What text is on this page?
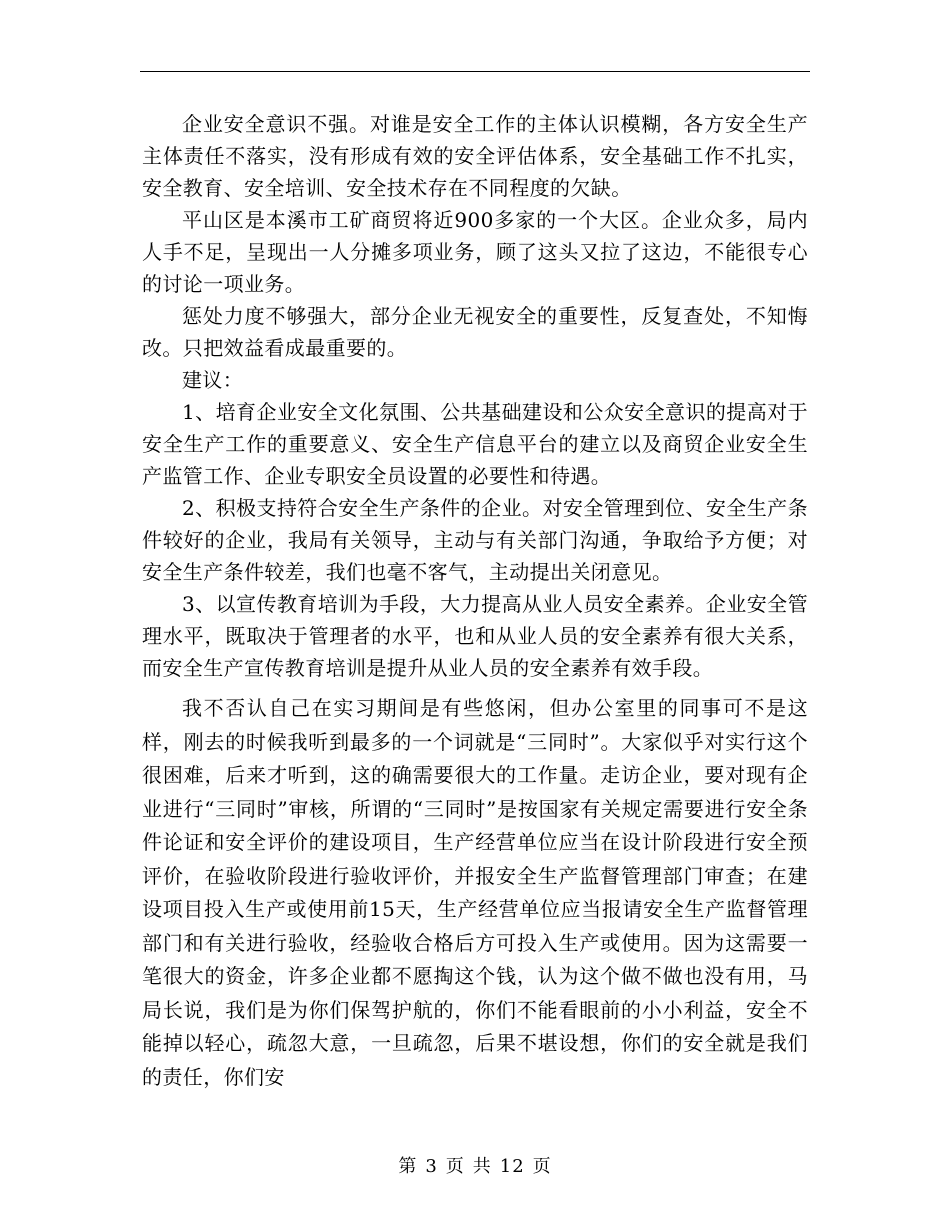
企业安全意识不强。对谁是安全工作的主体认识模糊，各方安全生产主体责任不落实，没有形成有效的安全评估体系，安全基础工作不扎实，安全教育、安全培训、安全技术存在不同程度的欠缺。

平山区是本溪市工矿商贸将近900多家的一个大区。企业众多，局内人手不足，呈现出一人分摊多项业务，顾了这头又拉了这边，不能很专心的讨论一项业务。

惩处力度不够强大，部分企业无视安全的重要性，反复查处，不知悔改。只把效益看成最重要的。

建议：

1、培育企业安全文化氛围、公共基础建设和公众安全意识的提高对于安全生产工作的重要意义、安全生产信息平台的建立以及商贸企业安全生产监管工作、企业专职安全员设置的必要性和待遇。

2、积极支持符合安全生产条件的企业。对安全管理到位、安全生产条件较好的企业，我局有关领导，主动与有关部门沟通，争取给予方便；对安全生产条件较差，我们也毫不客气，主动提出关闭意见。

3、以宣传教育培训为手段，大力提高从业人员安全素养。企业安全管理水平，既取决于管理者的水平，也和从业人员的安全素养有很大关系，而安全生产宣传教育培训是提升从业人员的安全素养有效手段。

我不否认自己在实习期间是有些悠闲，但办公室里的同事可不是这样，刚去的时候我听到最多的一个词就是“三同时”。大家似乎对实行这个很困难，后来才听到，这的确需要很大的工作量。走访企业，要对现有企业进行“三同时”审核，所谓的“三同时”是按国家有关规定需要进行安全条件论证和安全评价的建设项目，生产经营单位应当在设计阶段进行安全预评价，在验收阶段进行验收评价，并报安全生产监督管理部门审查；在建设项目投入生产或使用前15天，生产经营单位应当报请安全生产监督管理部门和有关进行验收，经验收合格后方可投入生产或使用。因为这需要一笔很大的资金，许多企业都不愿掏这个钱，认为这个做不做也没有用，马局长说，我们是为你们保驾护航的，你们不能看眼前的小小利益，安全不能掉以轻心，疏忽大意，一旦疏忽，后果不堪设想，你们的安全就是我们的责任，你们安

第 3 页 共 12 页
